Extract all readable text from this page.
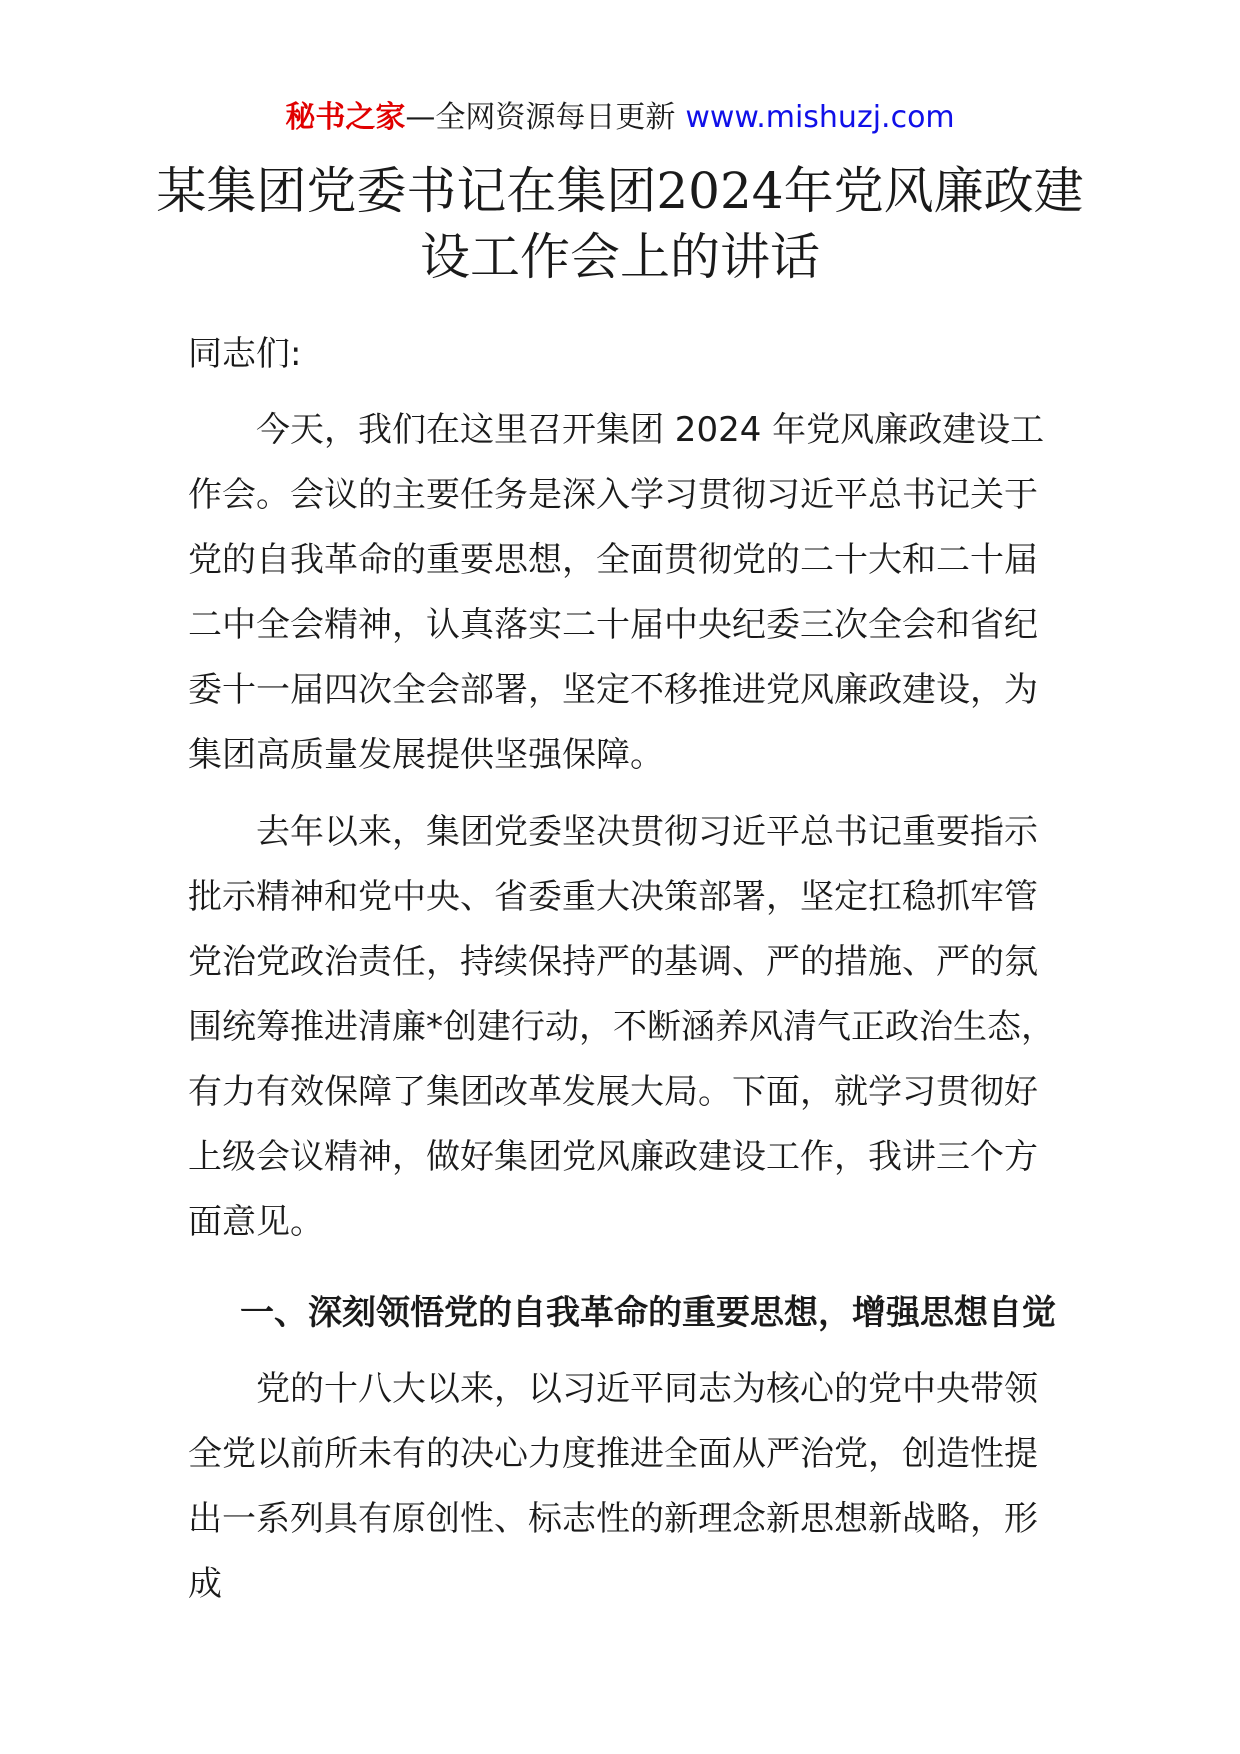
秘书之家—全网资源每日更新 www.mishuzj.com
某集团党委书记在集团2024年党风廉政建设工作会上的讲话
同志们:
今天，我们在这里召开集团 2024 年党风廉政建设工作会。会议的主要任务是深入学习贯彻习近平总书记关于党的自我革命的重要思想，全面贯彻党的二十大和二十届二中全会精神，认真落实二十届中央纪委三次全会和省纪委十一届四次全会部署，坚定不移推进党风廉政建设，为集团高质量发展提供坚强保障。
去年以来，集团党委坚决贯彻习近平总书记重要指示批示精神和党中央、省委重大决策部署，坚定扛稳抓牢管党治党政治责任，持续保持严的基调、严的措施、严的氛围统筹推进清廉*创建行动，不断涵养风清气正政治生态，有力有效保障了集团改革发展大局。下面，就学习贯彻好上级会议精神，做好集团党风廉政建设工作，我讲三个方面意见。
一、深刻领悟党的自我革命的重要思想，增强思想自觉
党的十八大以来，以习近平同志为核心的党中央带领全党以前所未有的决心力度推进全面从严治党，创造性提出一系列具有原创性、标志性的新理念新思想新战略，形成
